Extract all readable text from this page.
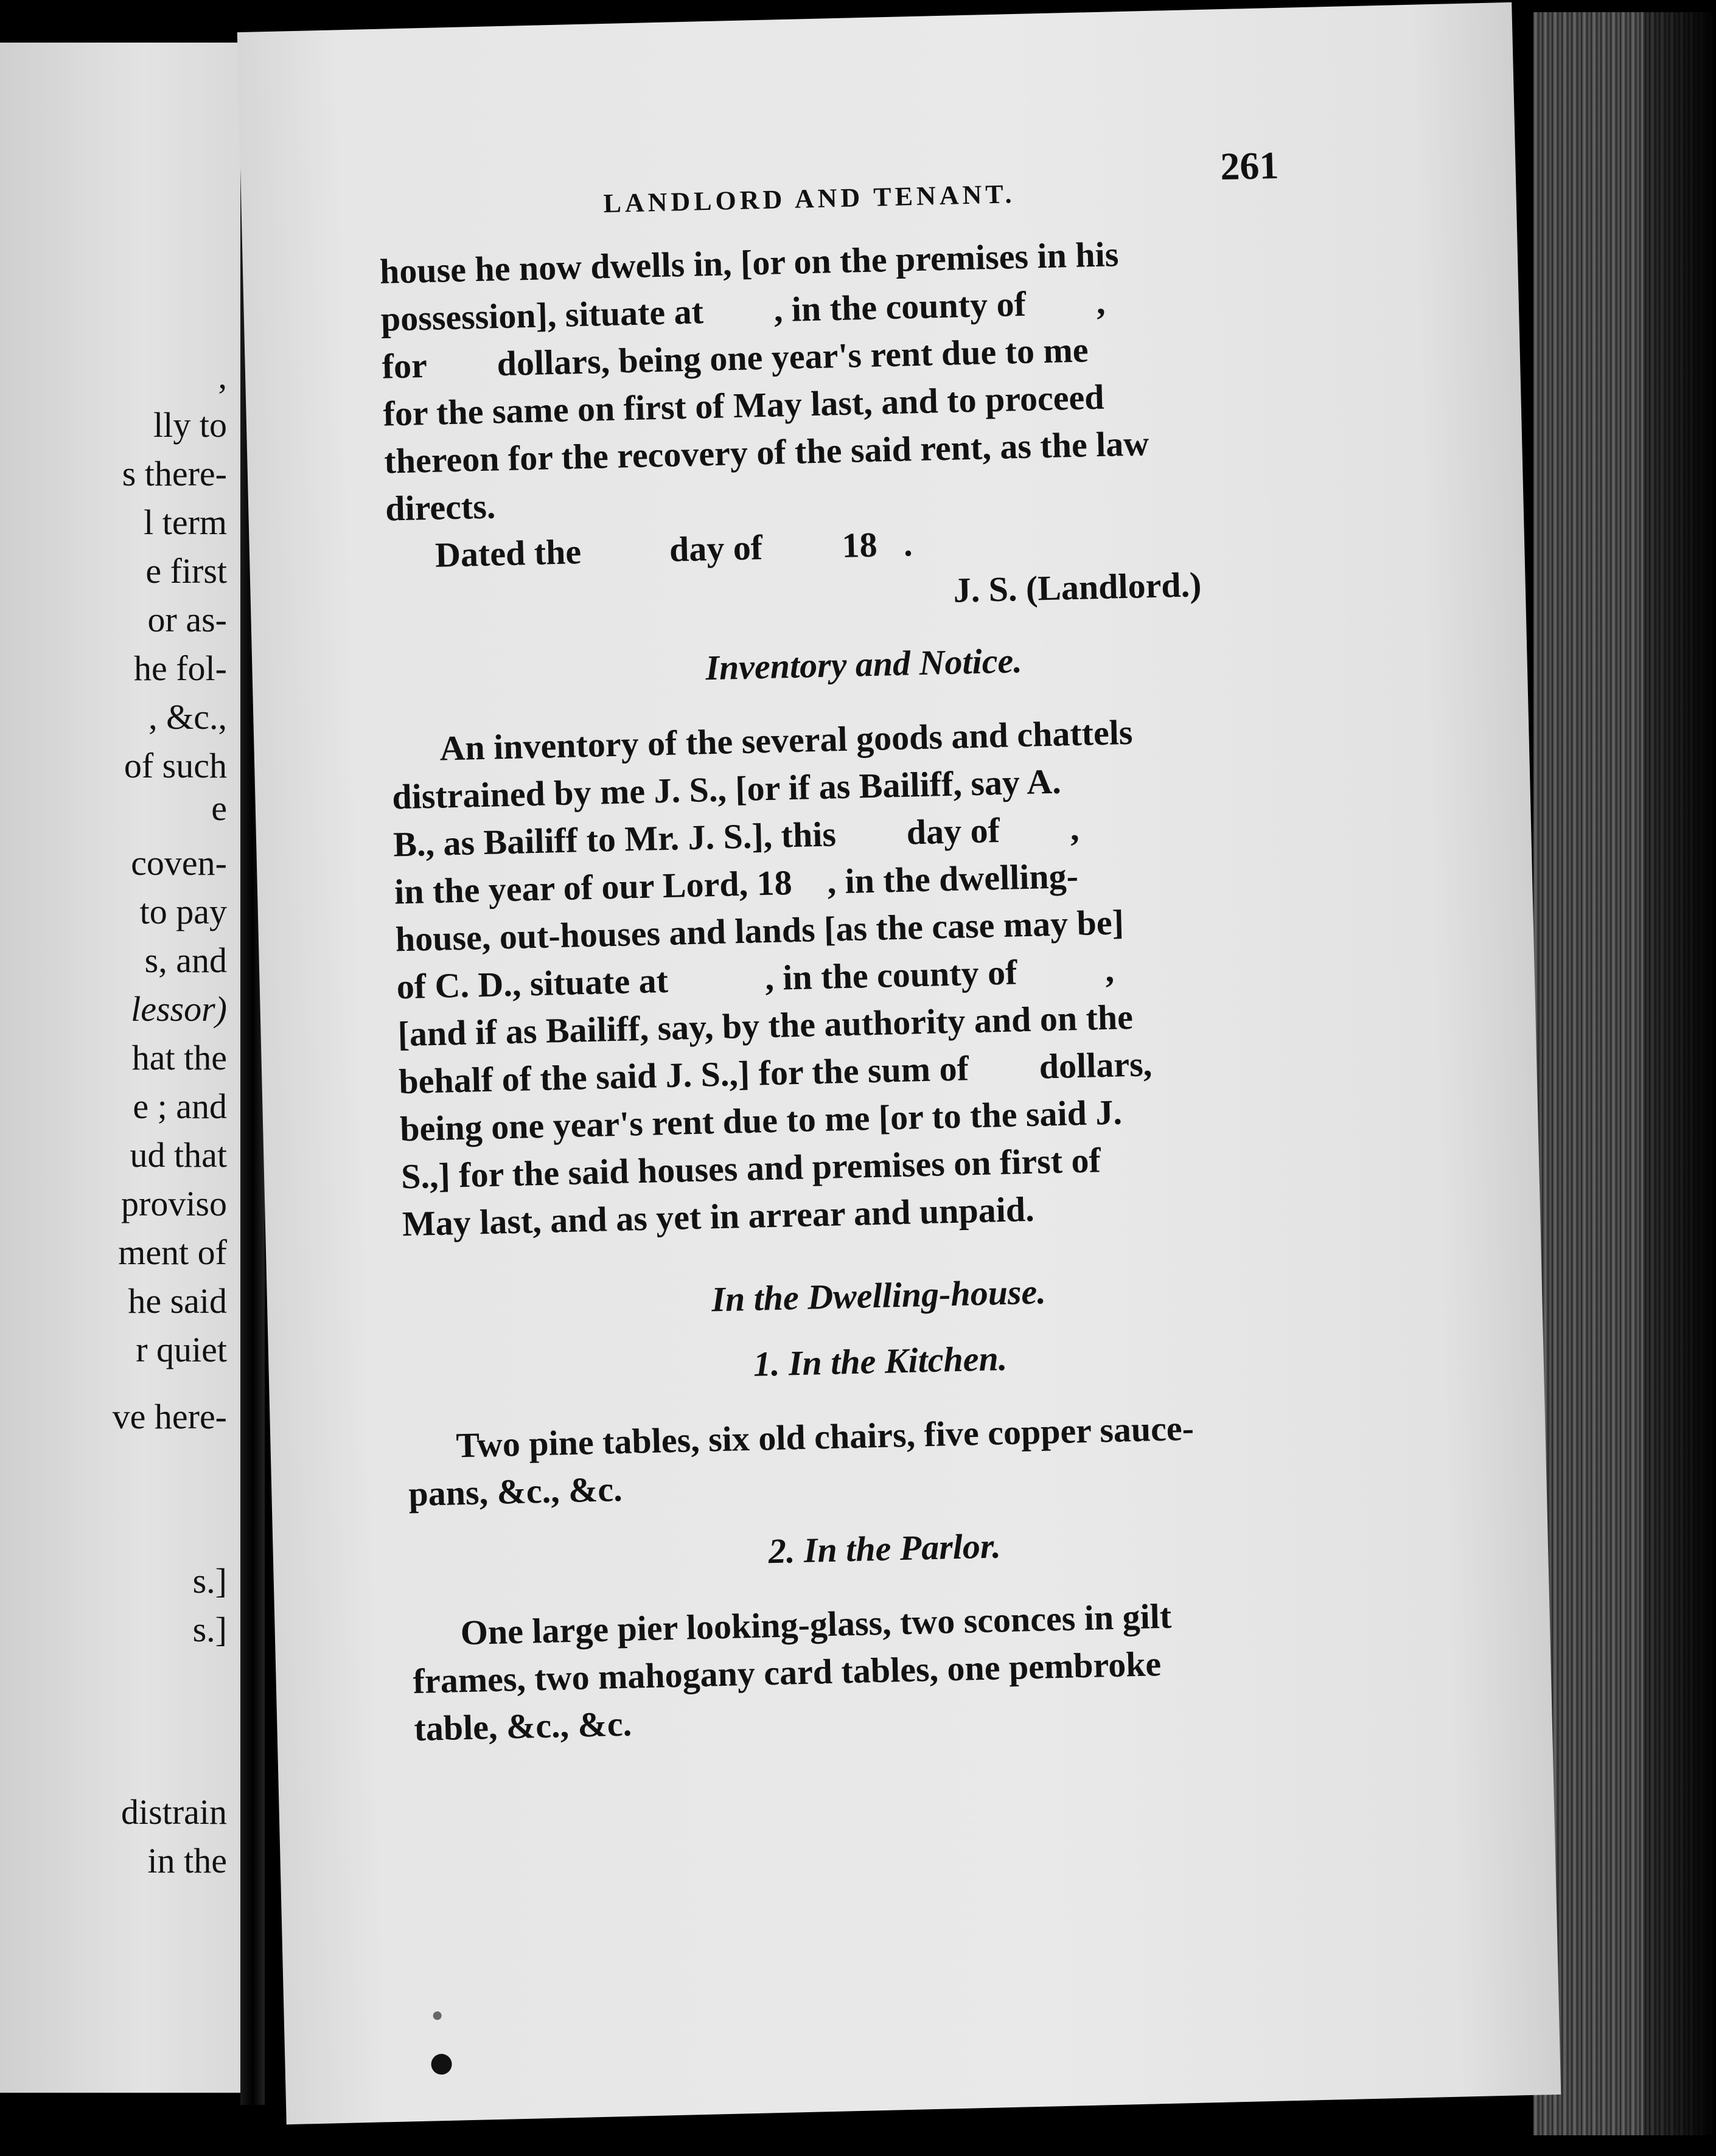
,
lly to
s there-
l term
e first
or as-
he fol-
, &c.,
of such
e
coven-
to pay
s, and
lessor)
hat the
e ; and
ud that
proviso
ment of
he said
r quiet
ve here-
s.]
s.]
distrain
in the
LANDLORD AND TENANT.
261
house he now dwells in, [or on the premises in his
possession], situate at        , in the county of        ,
for        dollars, being one year's rent due to me
for the same on first of May last, and to proceed
thereon for the recovery of the said rent, as the law
directs.
Dated the          day of         18   .
J. S. (Landlord.)
Inventory and Notice.
An inventory of the several goods and chattels
distrained by me J. S., [or if as Bailiff, say A.
B., as Bailiff to Mr. J. S.], this        day of        ,
in the year of our Lord, 18    , in the dwelling-
house, out-houses and lands [as the case may be]
of C. D., situate at           , in the county of          ,
[and if as Bailiff, say, by the authority and on the
behalf of the said J. S.,] for the sum of        dollars,
being one year's rent due to me [or to the said J.
S.,] for the said houses and premises on first of
May last, and as yet in arrear and unpaid.
In the Dwelling-house.
1. In the Kitchen.
Two pine tables, six old chairs, five copper sauce-
pans, &c., &c.
2. In the Parlor.
One large pier looking-glass, two sconces in gilt
frames, two mahogany card tables, one pembroke
table, &c., &c.
